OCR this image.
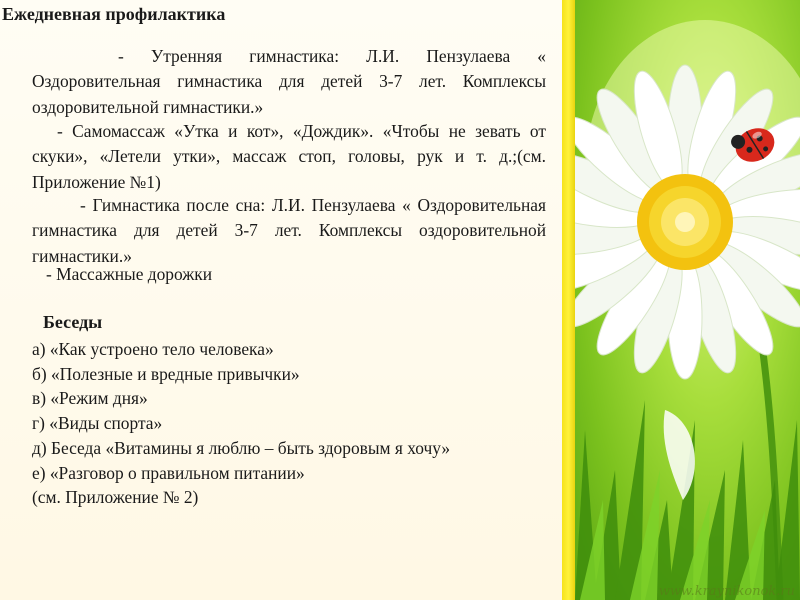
Ежедневная профилактика

- Утренняя гимнастика: Л.И. Пензулаева « Оздоровительная гимнастика для детей 3-7 лет. Комплексы оздоровительной гимнастики.»

- Самомассаж «Утка и кот», «Дождик». «Чтобы не зевать от скуки», «Летели утки», массаж стоп, головы, рук и т. д.;(см. Приложение №1)

- Гимнастика после сна: Л.И. Пензулаева « Оздоровительная гимнастика для детей 3-7 лет. Комплексы оздоровительной гимнастики.»

- Массажные дорожки

Беседы
а) «Как устроено тело человека»
б) «Полезные и вредные привычки»
в) «Режим дня»
г) «Виды спорта»
д) Беседа «Витамины я люблю – быть здоровым я хочу»
е) «Разговор о правильном питании»
(см. Приложение № 2)
www.kraynikonok.ru
